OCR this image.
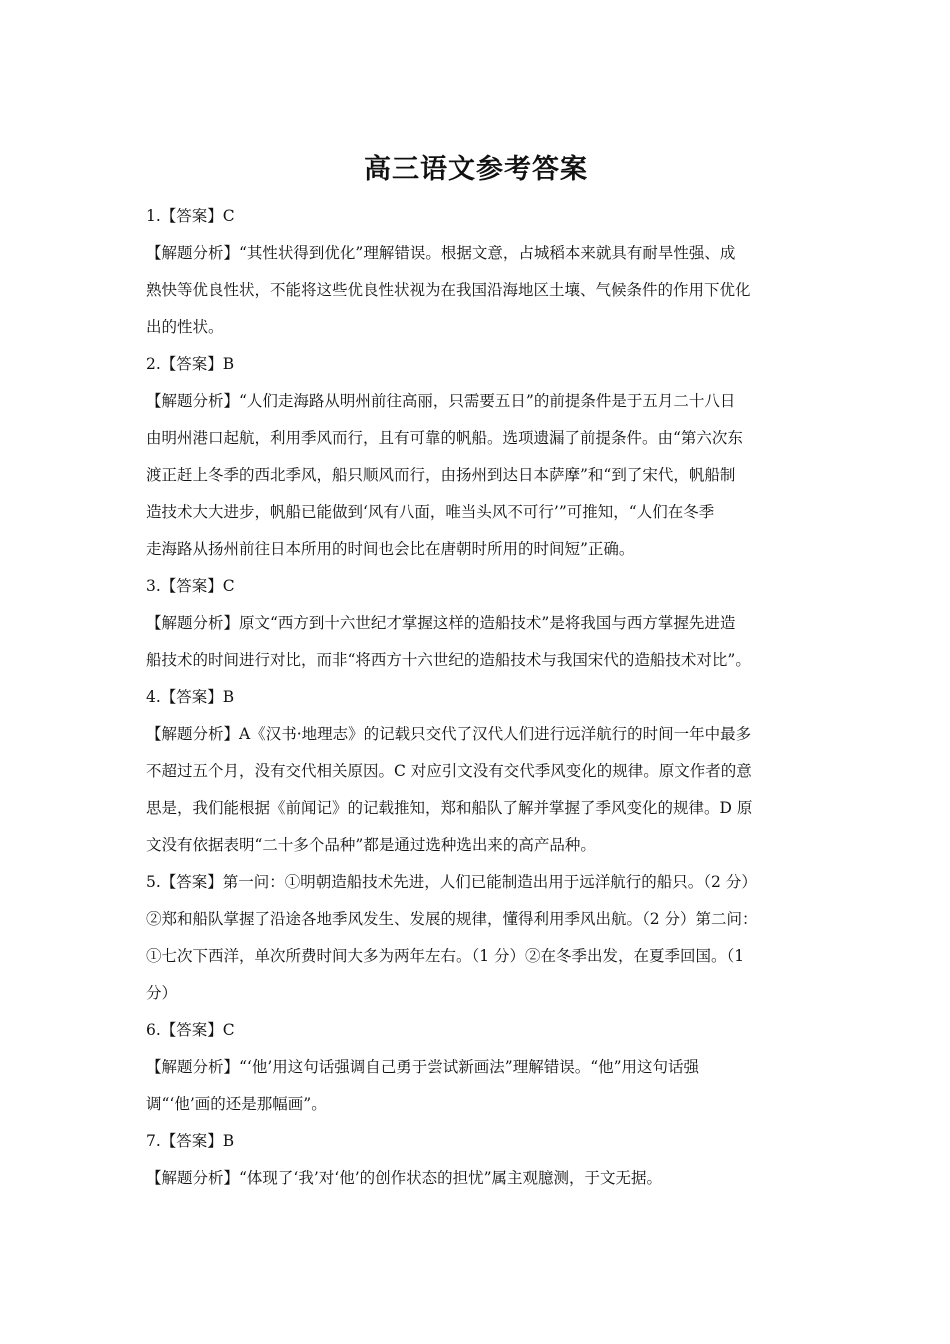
高三语文参考答案

1.【答案】C

【解题分析】“其性状得到优化”理解错误。根据文意，占城稻本来就具有耐旱性强、成

熟快等优良性状，不能将这些优良性状视为在我国沿海地区土壤、气候条件的作用下优化

出的性状。

2.【答案】B

【解题分析】“人们走海路从明州前往高丽，只需要五日”的前提条件是于五月二十八日

由明州港口起航，利用季风而行，且有可靠的帆船。选项遗漏了前提条件。由“第六次东

渡正赶上冬季的西北季风，船只顺风而行，由扬州到达日本萨摩”和“到了宋代，帆船制

造技术大大进步，帆船已能做到‘风有八面，唯当头风不可行’”可推知，“人们在冬季

走海路从扬州前往日本所用的时间也会比在唐朝时所用的时间短”正确。

3.【答案】C

【解题分析】原文“西方到十六世纪才掌握这样的造船技术”是将我国与西方掌握先进造

船技术的时间进行对比，而非“将西方十六世纪的造船技术与我国宋代的造船技术对比”。

4.【答案】B

【解题分析】A《汉书·地理志》的记载只交代了汉代人们进行远洋航行的时间一年中最多

不超过五个月，没有交代相关原因。C 对应引文没有交代季风变化的规律。原文作者的意

思是，我们能根据《前闻记》的记载推知，郑和船队了解并掌握了季风变化的规律。D 原

文没有依据表明“二十多个品种”都是通过选种选出来的高产品种。

5.【答案】第一问：①明朝造船技术先进，人们已能制造出用于远洋航行的船只。（2 分）

②郑和船队掌握了沿途各地季风发生、发展的规律，懂得利用季风出航。（2 分）第二问：

①七次下西洋，单次所费时间大多为两年左右。（1 分）②在冬季出发，在夏季回国。（1

分）

6.【答案】C

【解题分析】“‘他’用这句话强调自己勇于尝试新画法”理解错误。“他”用这句话强

调“‘他’画的还是那幅画”。

7.【答案】B

【解题分析】“体现了‘我’对‘他’的创作状态的担忧”属主观臆测，于文无据。
